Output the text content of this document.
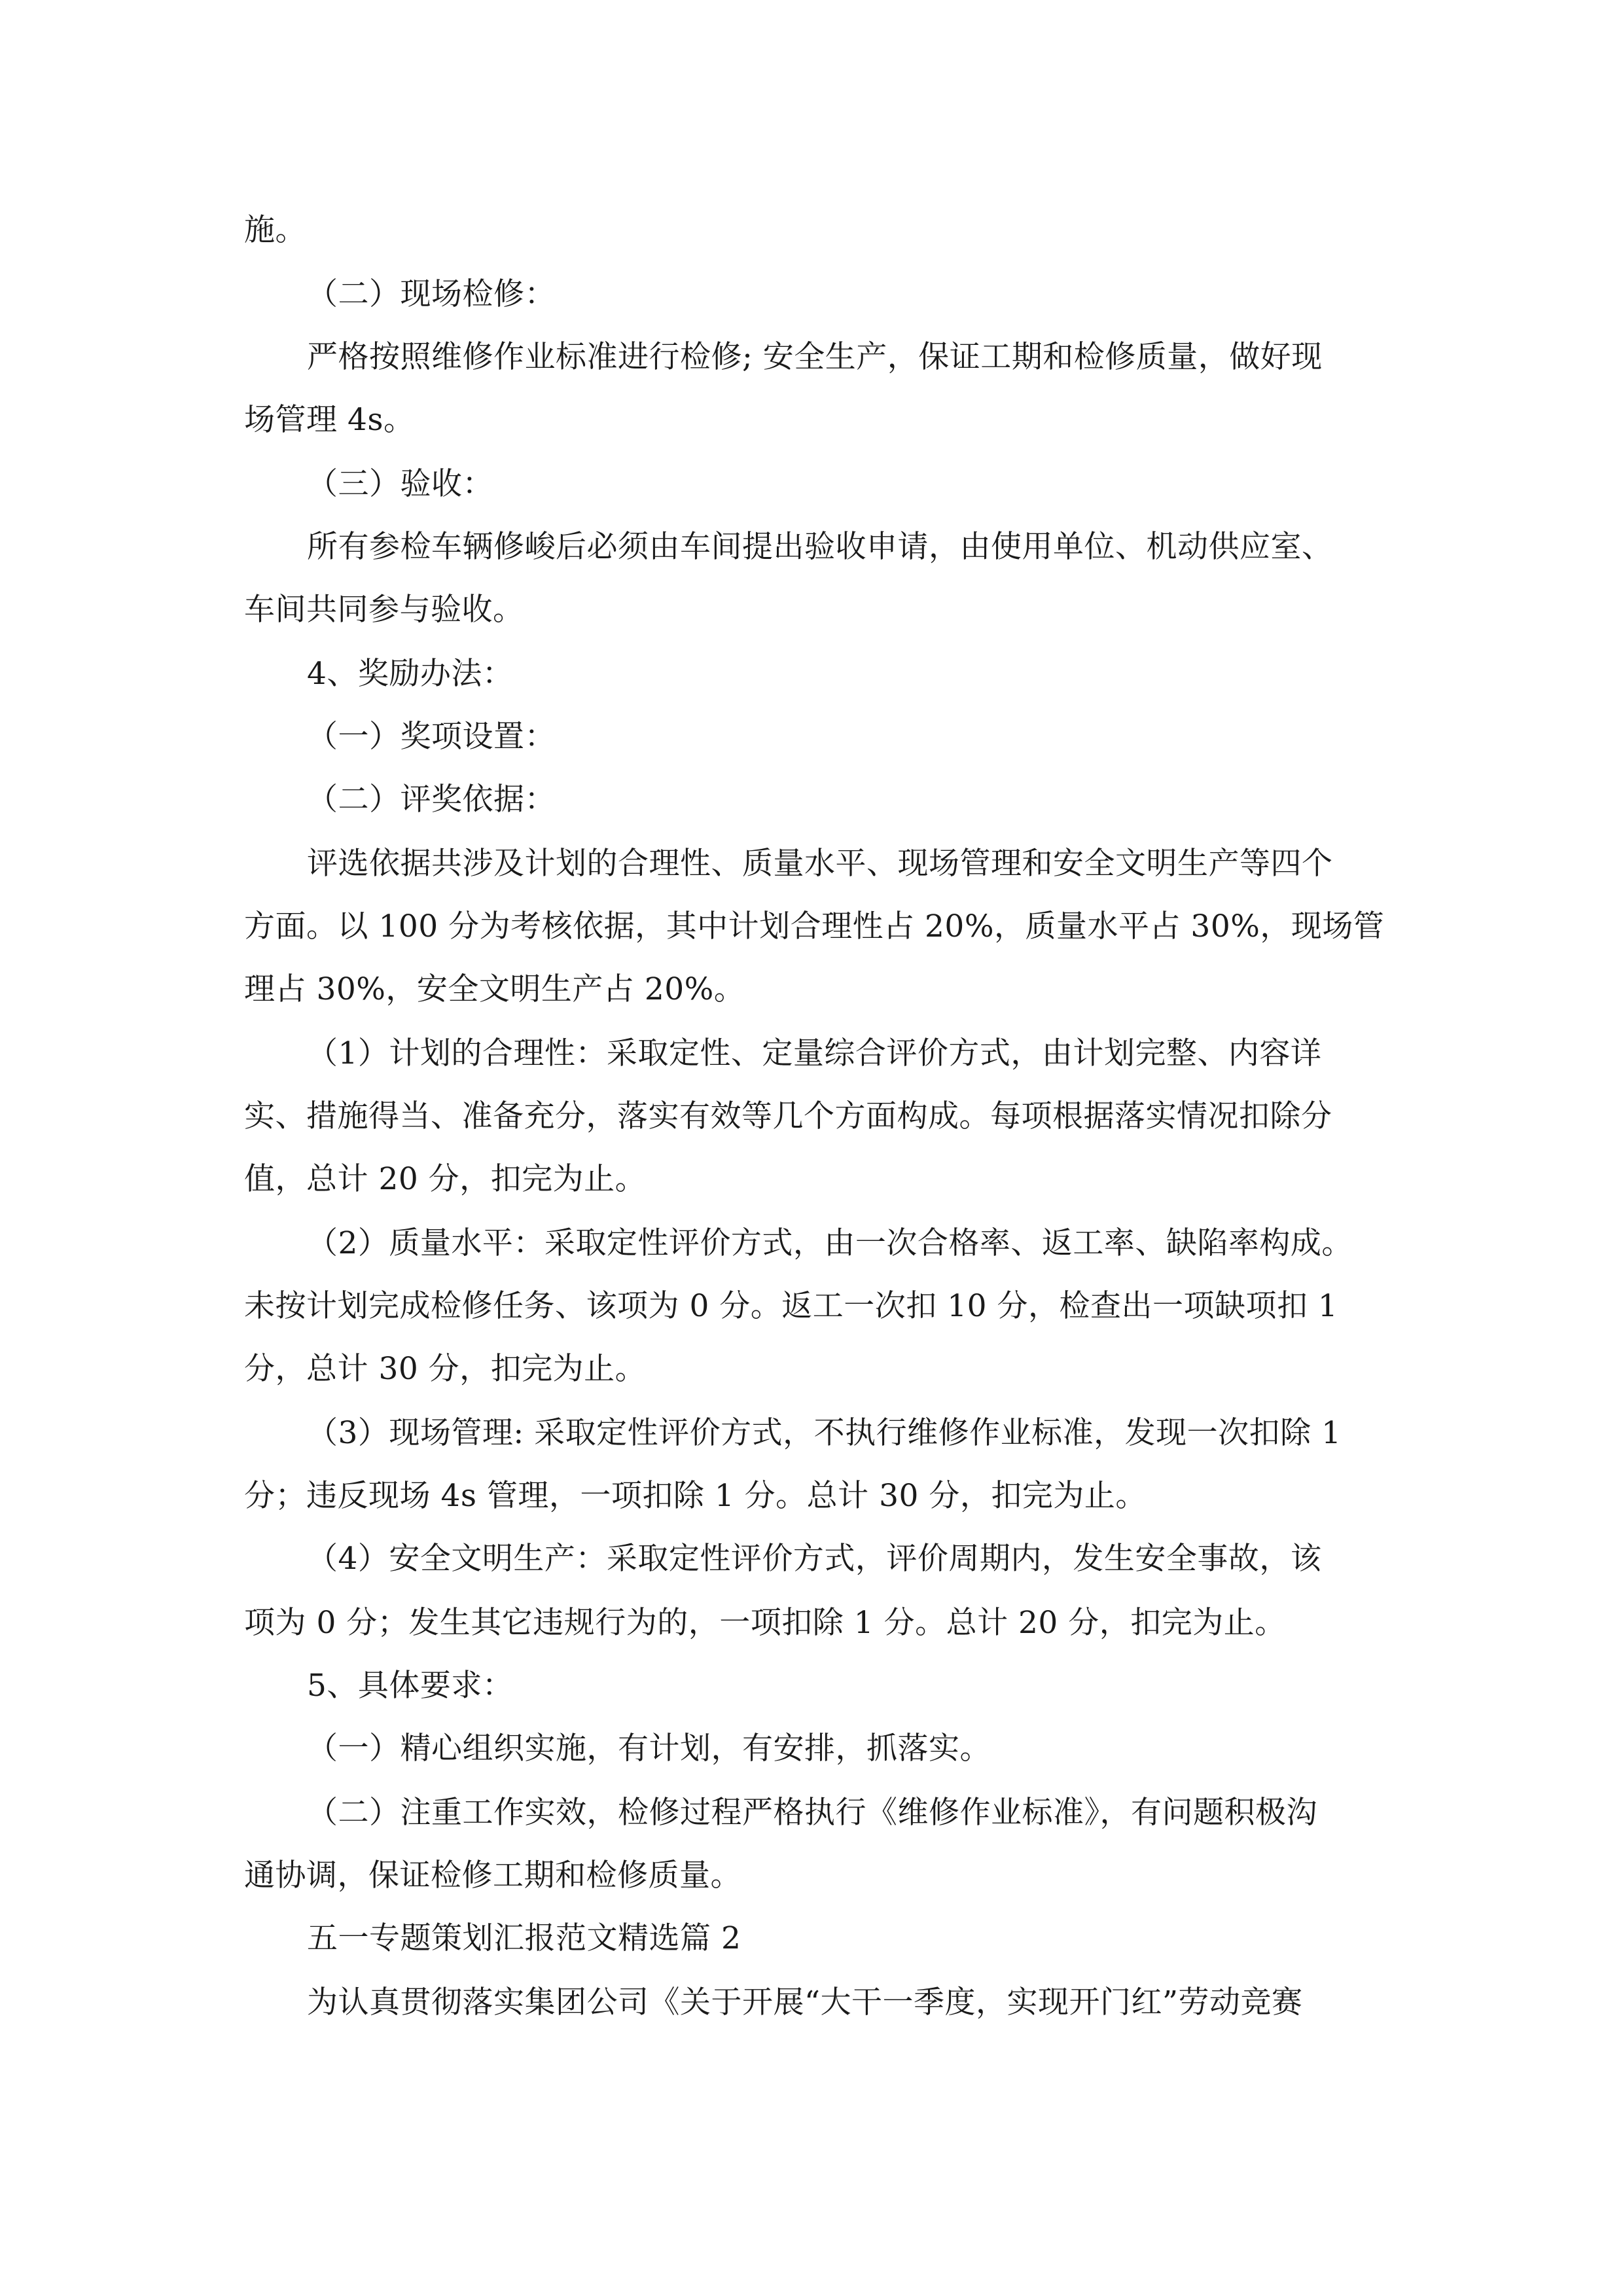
施。
（二）现场检修：
严格按照维修作业标准进行检修; 安全生产，保证工期和检修质量，做好现
场管理 4s。
（三）验收：
所有参检车辆修峻后必须由车间提出验收申请，由使用单位、机动供应室、
车间共同参与验收。
4、奖励办法：
（一）奖项设置：
（二）评奖依据：
评选依据共涉及计划的合理性、质量水平、现场管理和安全文明生产等四个
方面。以 100 分为考核依据，其中计划合理性占 20%，质量水平占 30%，现场管
理占 30%，安全文明生产占 20%。
（1）计划的合理性：采取定性、定量综合评价方式，由计划完整、内容详
实、措施得当、准备充分，落实有效等几个方面构成。每项根据落实情况扣除分
值，总计 20 分，扣完为止。
（2）质量水平：采取定性评价方式，由一次合格率、返工率、缺陷率构成。
未按计划完成检修任务、该项为 0 分。返工一次扣 10 分，检查出一项缺项扣 1
分，总计 30 分，扣完为止。
（3）现场管理: 采取定性评价方式，不执行维修作业标准，发现一次扣除 1
分；违反现场 4s 管理，一项扣除 1 分。总计 30 分，扣完为止。
（4）安全文明生产：采取定性评价方式，评价周期内，发生安全事故，该
项为 0 分；发生其它违规行为的，一项扣除 1 分。总计 20 分，扣完为止。
5、具体要求：
（一）精心组织实施，有计划，有安排，抓落实。
（二）注重工作实效，检修过程严格执行《维修作业标准》，有问题积极沟
通协调，保证检修工期和检修质量。
五一专题策划汇报范文精选篇 2
为认真贯彻落实集团公司《关于开展“大干一季度，实现开门红”劳动竞赛
